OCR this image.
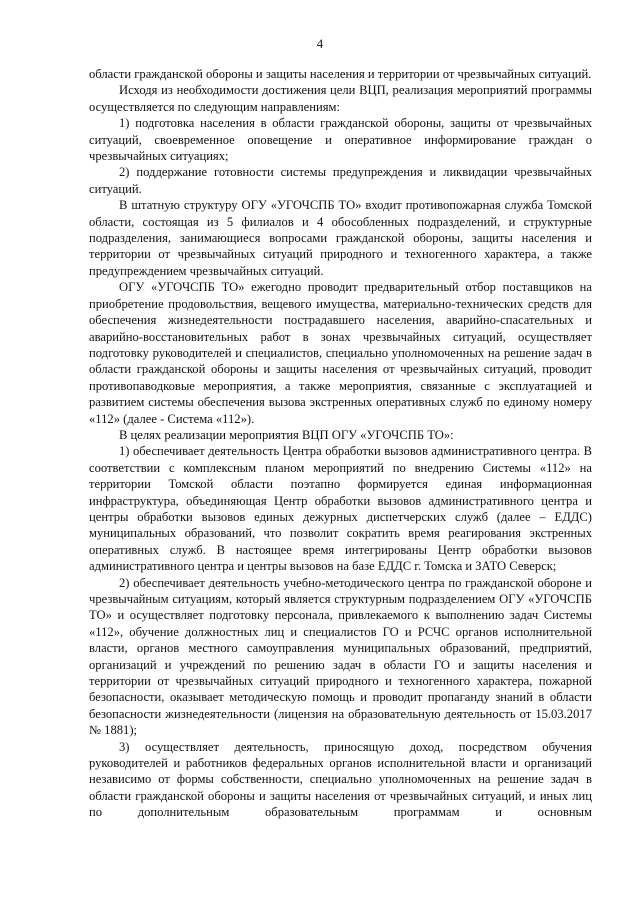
4

области гражданской обороны и защиты населения и территории от чрезвычайных ситуаций.

Исходя из необходимости достижения цели ВЦП, реализация мероприятий программы осуществляется по следующим направлениям:

1) подготовка населения в области гражданской обороны, защиты от чрезвычайных ситуаций, своевременное оповещение и оперативное информирование граждан о чрезвычайных ситуациях;

2) поддержание готовности системы предупреждения и ликвидации чрезвычайных ситуаций.

В штатную структуру ОГУ «УГОЧСПБ ТО» входит противопожарная служба Томской области, состоящая из 5 филиалов и 4 обособленных подразделений, и структурные подразделения, занимающиеся вопросами гражданской обороны, защиты населения и территории от чрезвычайных ситуаций природного и техногенного характера, а также предупреждением чрезвычайных ситуаций.

ОГУ «УГОЧСПБ ТО» ежегодно проводит предварительный отбор поставщиков на приобретение продовольствия, вещевого имущества, материально-технических средств для обеспечения жизнедеятельности пострадавшего населения, аварийно-спасательных и аварийно-восстановительных работ в зонах чрезвычайных ситуаций, осуществляет подготовку руководителей и специалистов, специально уполномоченных на решение задач в области гражданской обороны и защиты населения от чрезвычайных ситуаций, проводит противопаводковые мероприятия, а также мероприятия, связанные с эксплуатацией и развитием системы обеспечения вызова экстренных оперативных служб по единому номеру «112» (далее - Система «112»).

В целях реализации мероприятия ВЦП ОГУ «УГОЧСПБ ТО»:

1) обеспечивает деятельность Центра обработки вызовов административного центра. В соответствии с комплексным планом мероприятий по внедрению Системы «112» на территории Томской области поэтапно формируется единая информационная инфраструктура, объединяющая Центр обработки вызовов административного центра и центры обработки вызовов единых дежурных диспетчерских служб (далее – ЕДДС) муниципальных образований, что позволит сократить время реагирования экстренных оперативных служб. В настоящее время интегрированы Центр обработки вызовов административного центра и центры вызовов на базе ЕДДС г. Томска и ЗАТО Северск;

2) обеспечивает деятельность учебно-методического центра по гражданской обороне и чрезвычайным ситуациям, который является структурным подразделением ОГУ «УГОЧСПБ ТО» и осуществляет подготовку персонала, привлекаемого к выполнению задач Системы «112», обучение должностных лиц и специалистов ГО и РСЧС органов исполнительной власти, органов местного самоуправления муниципальных образований, предприятий, организаций и учреждений по решению задач в области ГО и защиты населения и территории от чрезвычайных ситуаций природного и техногенного характера, пожарной безопасности, оказывает методическую помощь и проводит пропаганду знаний в области безопасности жизнедеятельности (лицензия на образовательную деятельность от 15.03.2017 № 1881);

3) осуществляет деятельность, приносящую доход, посредством обучения руководителей и работников федеральных органов исполнительной власти и организаций независимо от формы собственности, специально уполномоченных на решение задач в области гражданской обороны и защиты населения от чрезвычайных ситуаций, и иных лиц по дополнительным образовательным программам и основным
